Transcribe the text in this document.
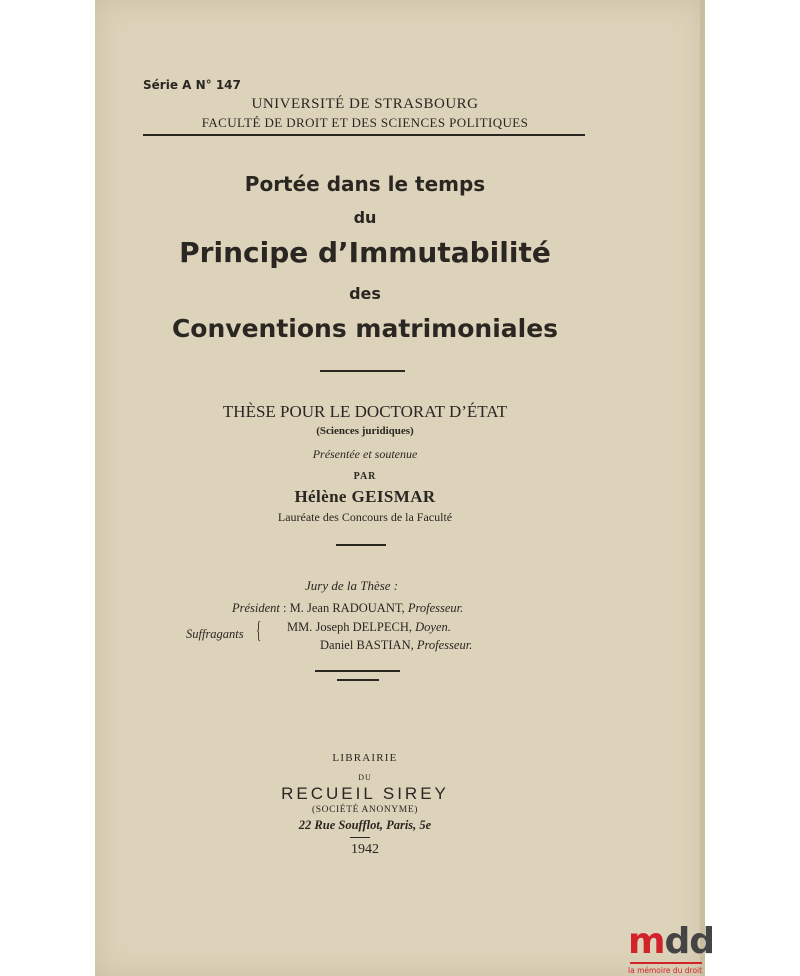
Série A N° 147
UNIVERSITÉ DE STRASBOURG
FACULTÉ DE DROIT ET DES SCIENCES POLITIQUES
Portée dans le temps
du
Principe d’Immutabilité
des
Conventions matrimoniales
THÈSE POUR LE DOCTORAT D’ÉTAT
(Sciences juridiques)
Présentée et soutenue
PAR
Hélène GEISMAR
Lauréate des Concours de la Faculté
Jury de la Thèse :
Président : M. Jean RADOUANT, Professeur.
Suffragants { MM. Joseph DELPECH, Doyen.
Daniel BASTIAN, Professeur.
LIBRAIRIE
DU
RECUEIL SIREY
(SOCIÉTÉ ANONYME)
22 Rue Soufflot, Paris, 5e
1942
mdd
la mémoire du droit
